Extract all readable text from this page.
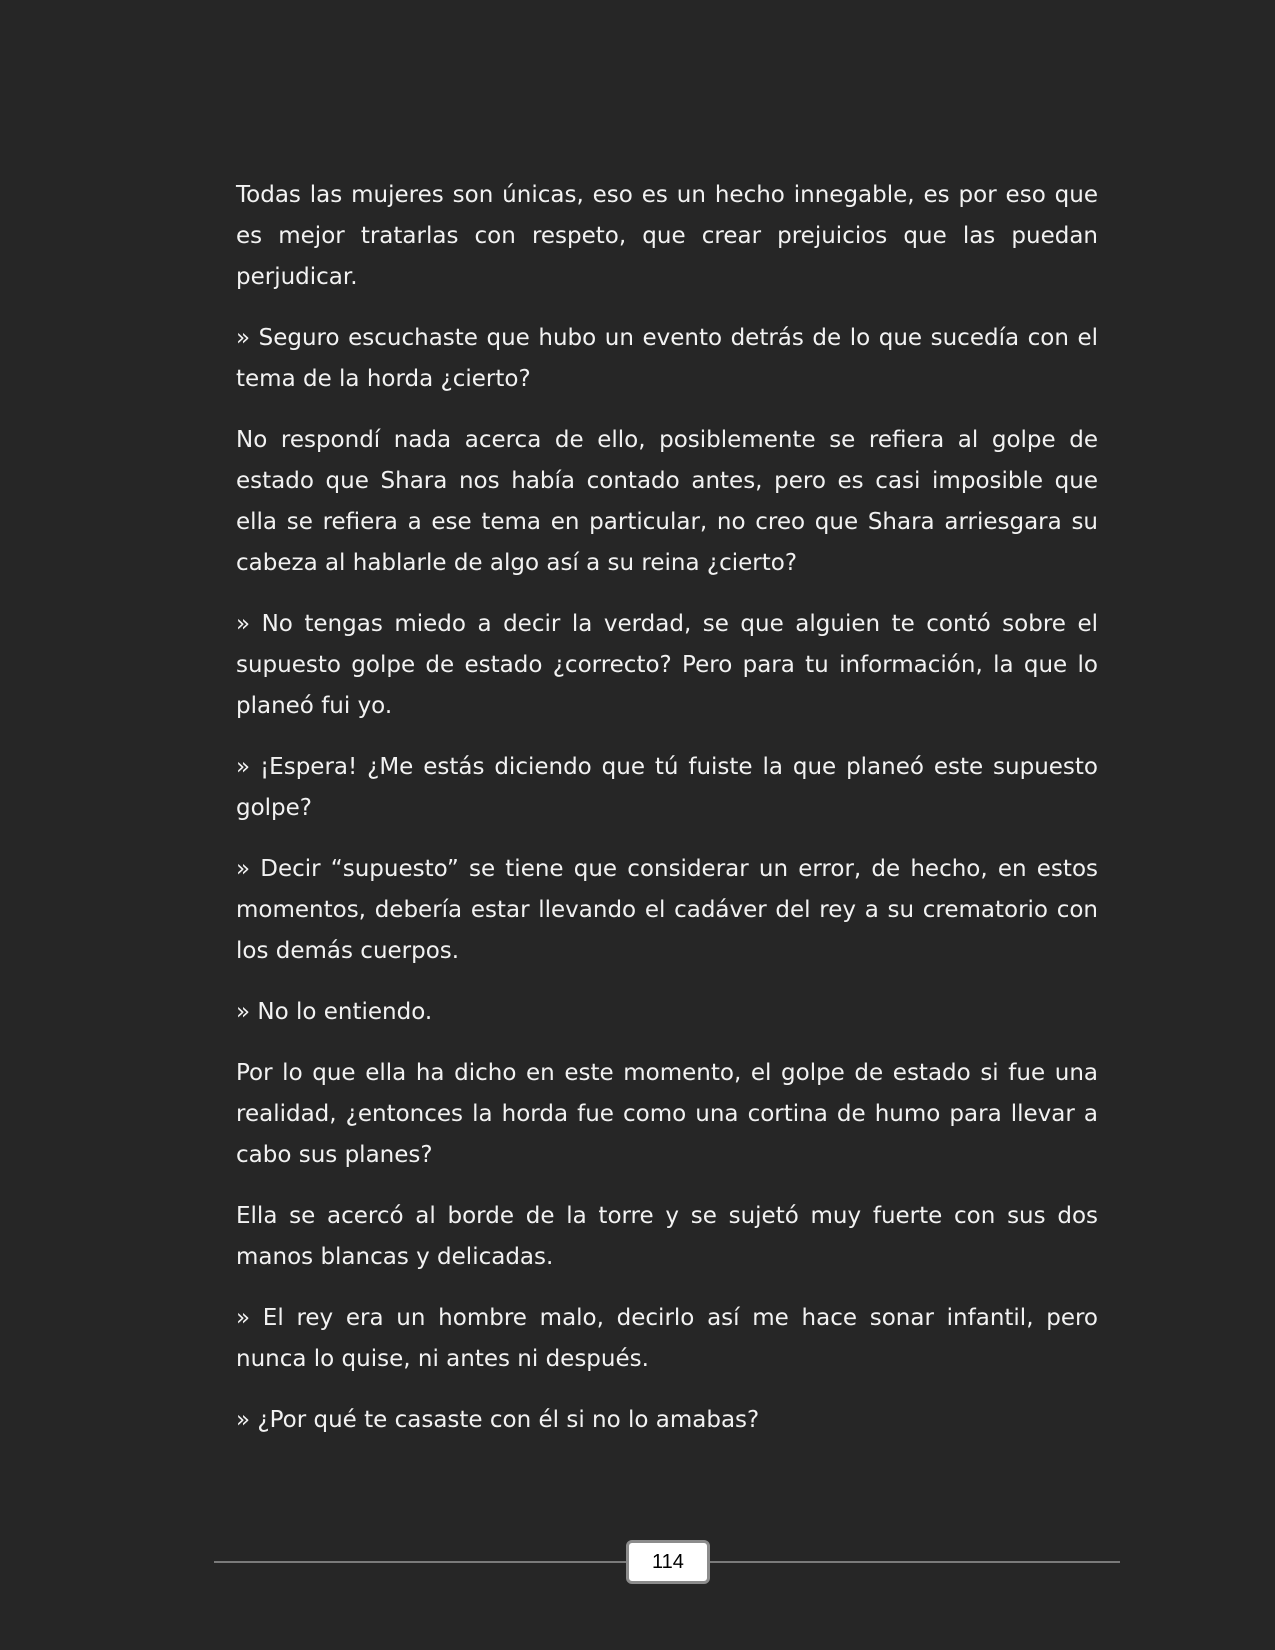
Todas las mujeres son únicas, eso es un hecho innegable, es por eso que es mejor tratarlas con respeto, que crear prejuicios que las puedan perjudicar.

» Seguro escuchaste que hubo un evento detrás de lo que sucedía con el tema de la horda ¿cierto?

No respondí nada acerca de ello, posiblemente se refiera al golpe de estado que Shara nos había contado antes, pero es casi imposible que ella se refiera a ese tema en particular, no creo que Shara arriesgara su cabeza al hablarle de algo así a su reina ¿cierto?

» No tengas miedo a decir la verdad, se que alguien te contó sobre el supuesto golpe de estado ¿correcto? Pero para tu información, la que lo planeó fui yo.

» ¡Espera! ¿Me estás diciendo que tú fuiste la que planeó este supuesto golpe?

» Decir “supuesto” se tiene que considerar un error, de hecho, en estos momentos, debería estar llevando el cadáver del rey a su crematorio con los demás cuerpos.

» No lo entiendo.

Por lo que ella ha dicho en este momento, el golpe de estado si fue una realidad, ¿entonces la horda fue como una cortina de humo para llevar a cabo sus planes?

Ella se acercó al borde de la torre y se sujetó muy fuerte con sus dos manos blancas y delicadas.

» El rey era un hombre malo, decirlo así me hace sonar infantil, pero nunca lo quise, ni antes ni después.

» ¿Por qué te casaste con él si no lo amabas?

114
